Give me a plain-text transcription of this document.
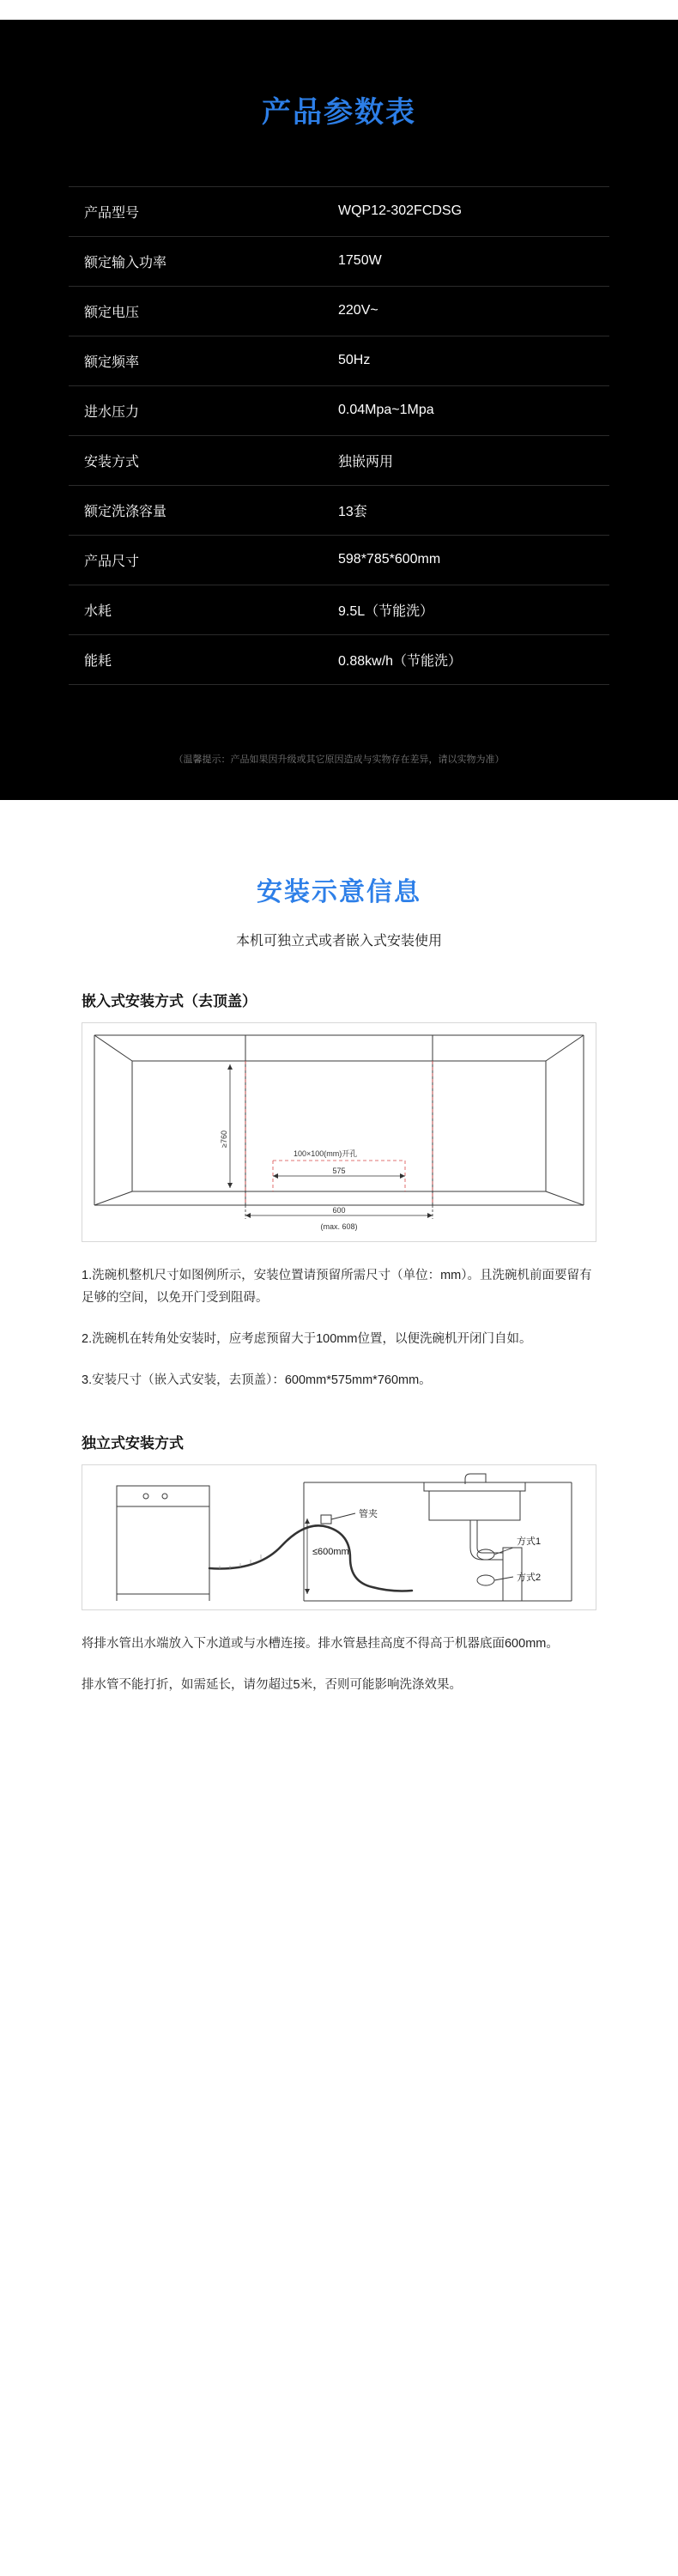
产品参数表
产品型号	WQP12-302FCDSG
额定输入功率	1750W
额定电压	220V~
额定频率	50Hz
进水压力	0.04Mpa~1Mpa
安装方式	独嵌两用
额定洗涤容量	13套
产品尺寸	598*785*600mm
水耗	9.5L（节能洗）
能耗	0.88kw/h（节能洗）
（温馨提示：产品如果因升级或其它原因造成与实物存在差异，请以实物为准）
安装示意信息
本机可独立式或者嵌入式安装使用
嵌入式安装方式（去顶盖）
≥760
100×100(mm)开孔
575
600
(max. 608)

1.洗碗机整机尺寸如图例所示，安装位置请预留所需尺寸（单位：mm）。且洗碗机前面要留有足够的空间，以免开门受到阻碍。

2.洗碗机在转角处安装时，应考虑预留大于100mm位置，以便洗碗机开闭门自如。

3.安装尺寸（嵌入式安装，去顶盖）：600mm*575mm*760mm。

独立式安装方式
管夹
≤600mm
方式1
方式2

将排水管出水端放入下水道或与水槽连接。排水管悬挂高度不得高于机器底面600mm。

排水管不能打折，如需延长，请勿超过5米，否则可能影响洗涤效果。
